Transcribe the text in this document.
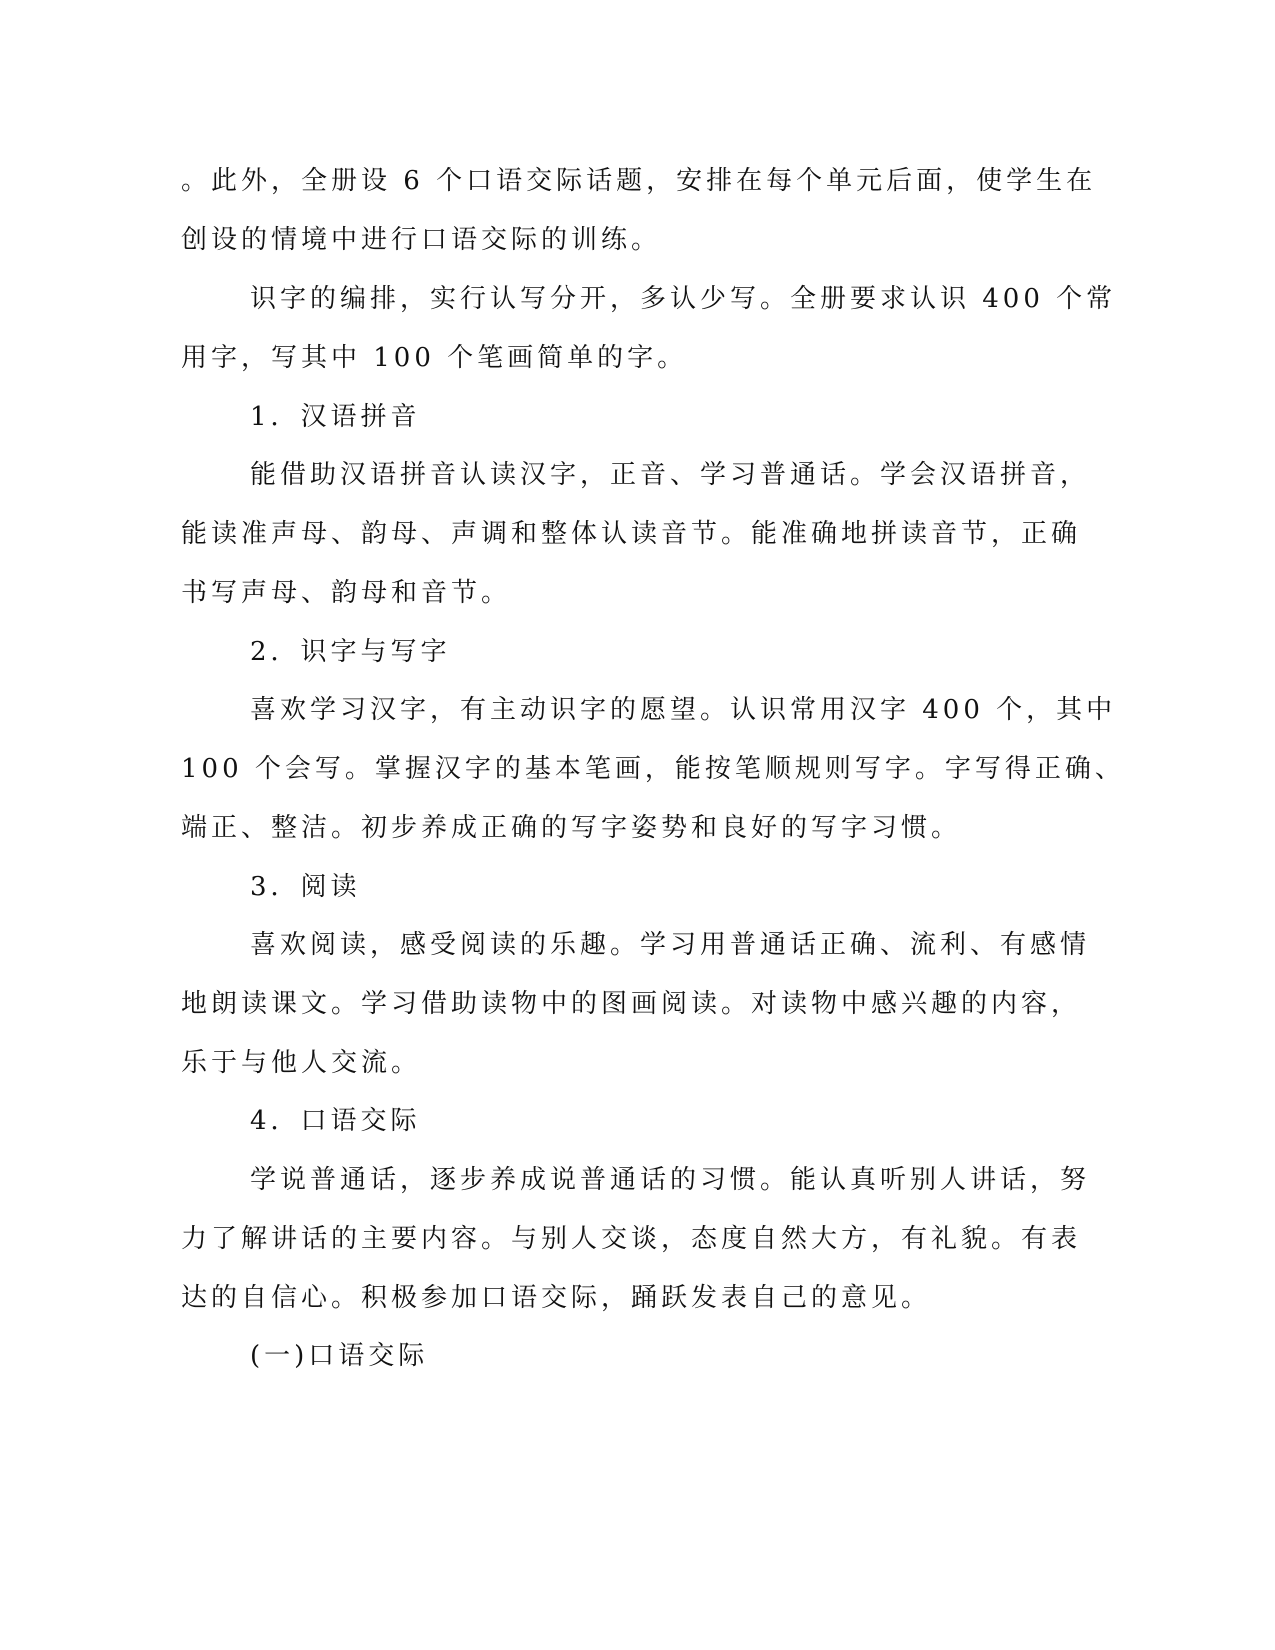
。此外，全册设 6 个口语交际话题，安排在每个单元后面，使学生在
创设的情境中进行口语交际的训练。
识字的编排，实行认写分开，多认少写。全册要求认识 400 个常
用字，写其中 100 个笔画简单的字。
1．汉语拼音
能借助汉语拼音认读汉字，正音、学习普通话。学会汉语拼音，
能读准声母、韵母、声调和整体认读音节。能准确地拼读音节，正确
书写声母、韵母和音节。
2．识字与写字
喜欢学习汉字，有主动识字的愿望。认识常用汉字 400 个，其中
100 个会写。掌握汉字的基本笔画，能按笔顺规则写字。字写得正确、
端正、整洁。初步养成正确的写字姿势和良好的写字习惯。
3．阅读
喜欢阅读，感受阅读的乐趣。学习用普通话正确、流利、有感情
地朗读课文。学习借助读物中的图画阅读。对读物中感兴趣的内容，
乐于与他人交流。
4．口语交际
学说普通话，逐步养成说普通话的习惯。能认真听别人讲话，努
力了解讲话的主要内容。与别人交谈，态度自然大方，有礼貌。有表
达的自信心。积极参加口语交际，踊跃发表自己的意见。
(一)口语交际
